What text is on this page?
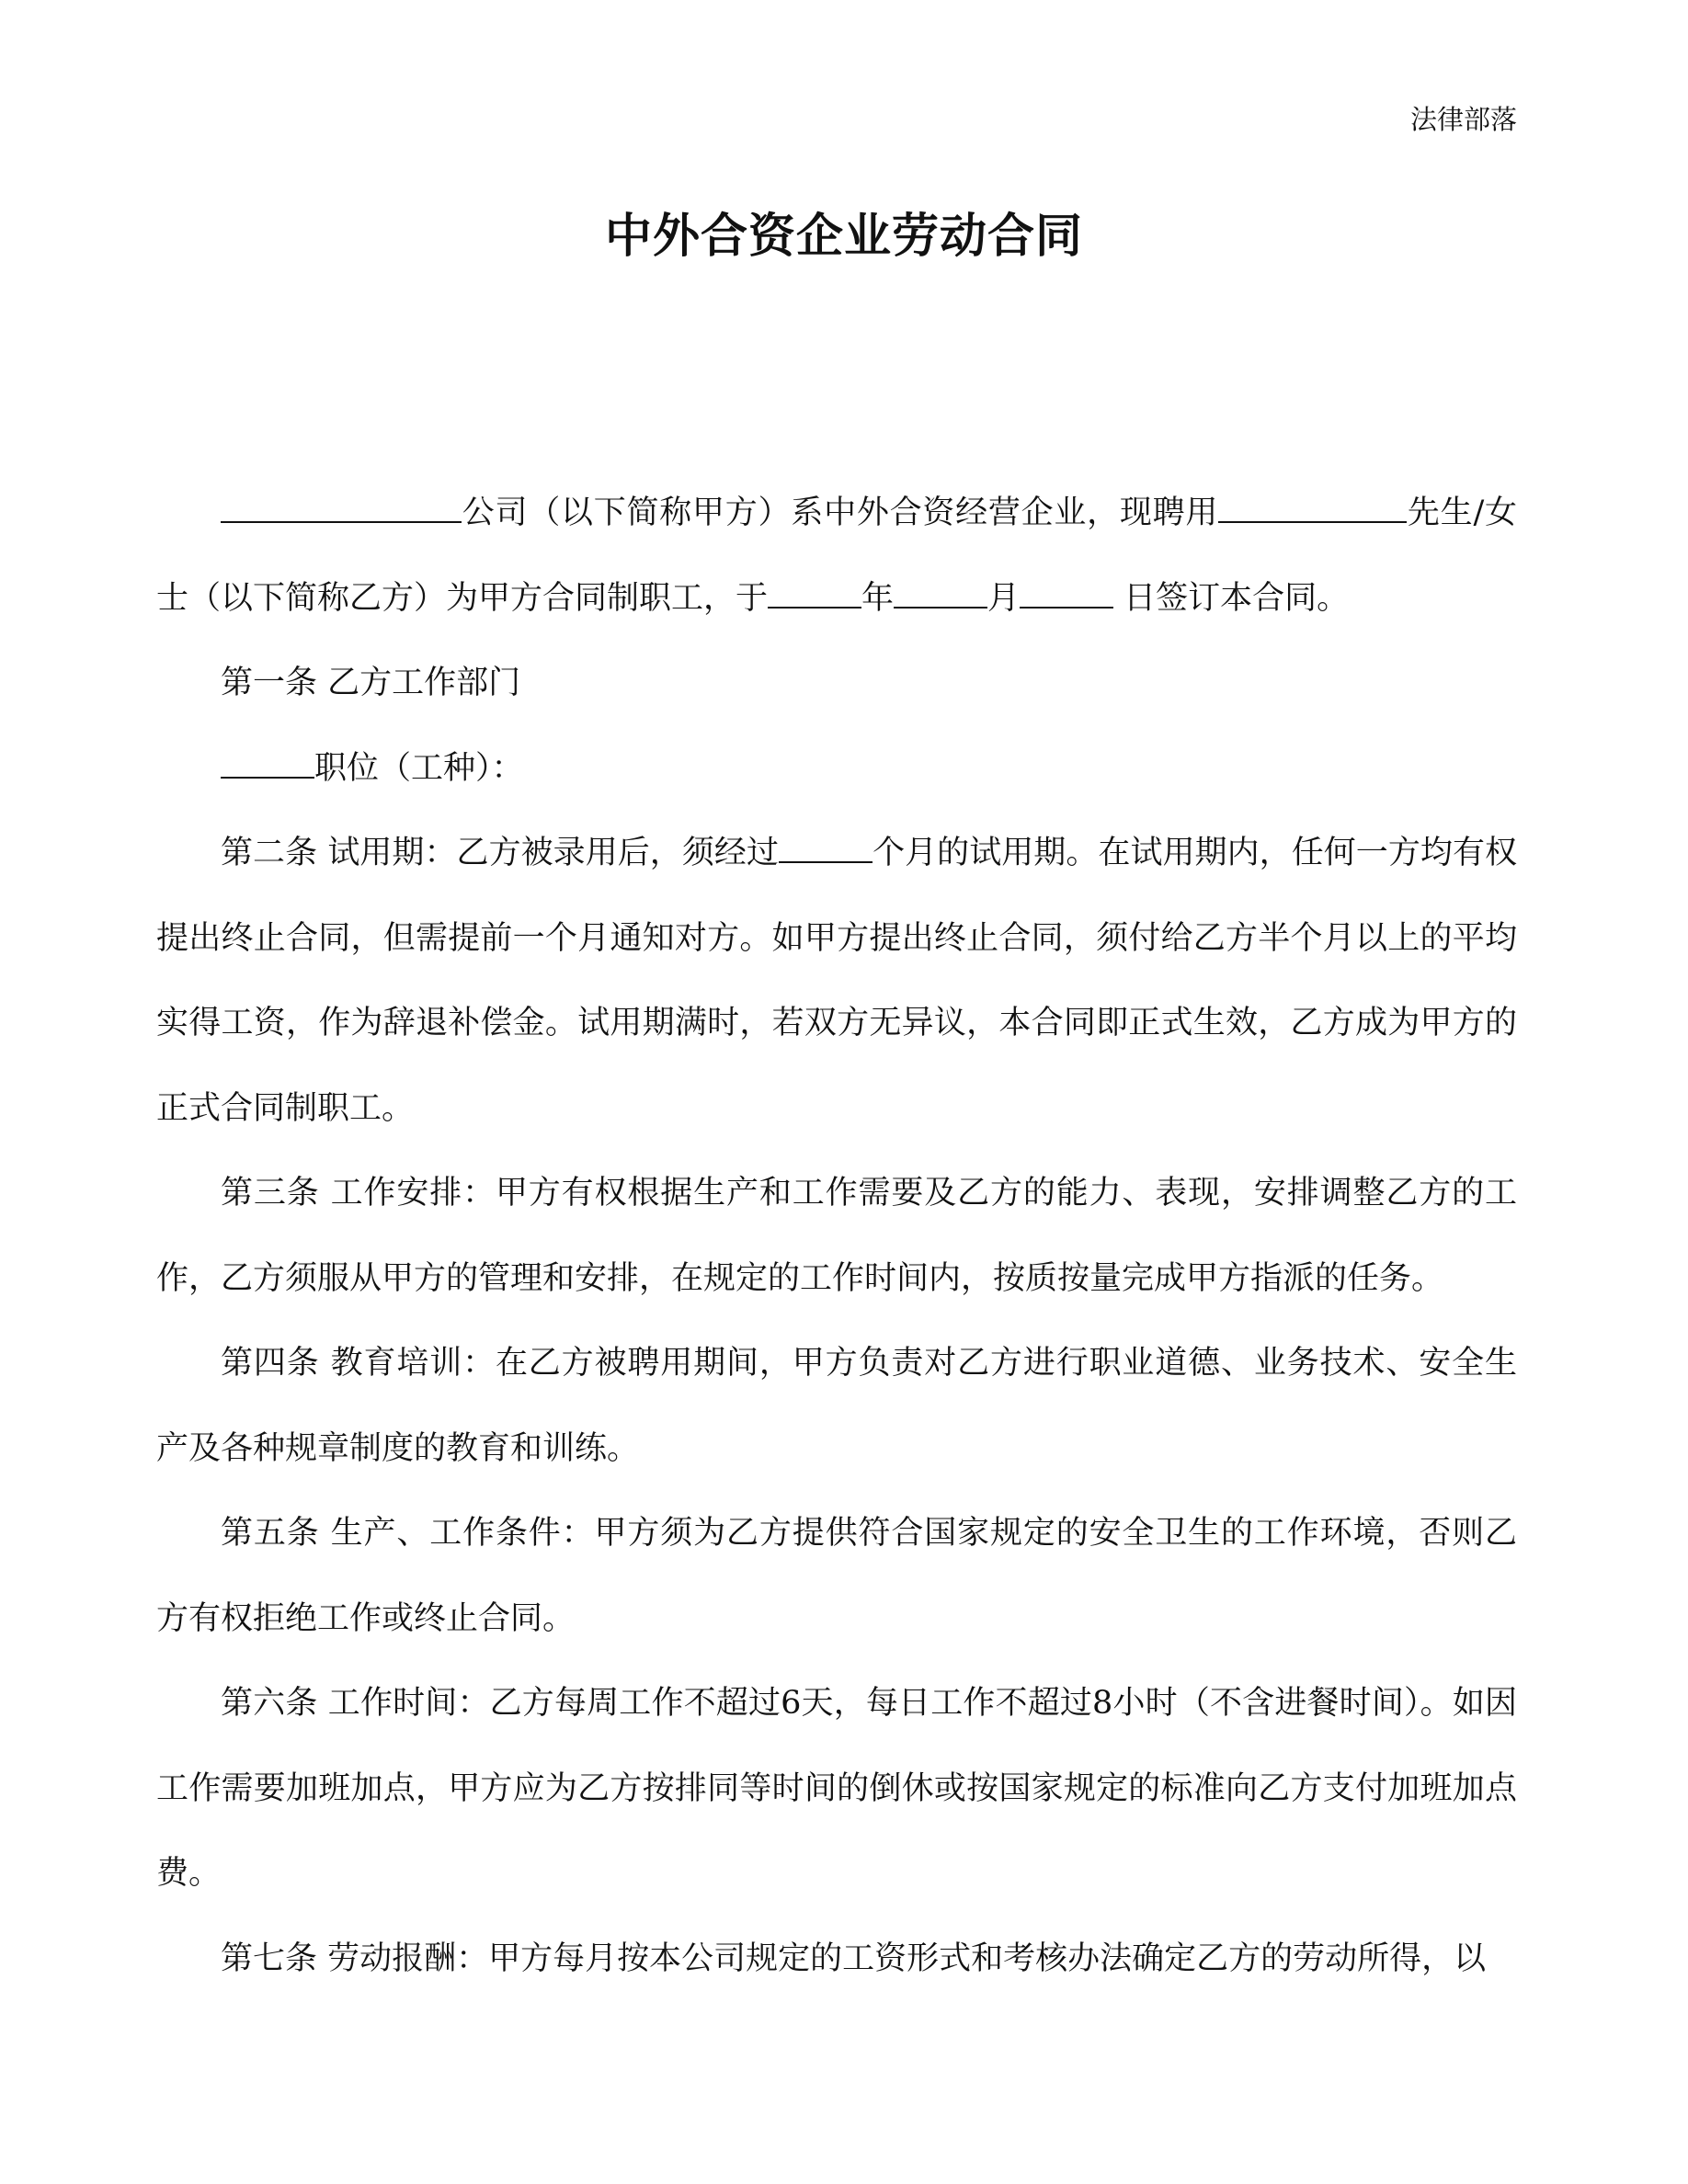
法律部落
中外合资企业劳动合同

公司（以下简称甲方）系中外合资经营企业，现聘用	先生/女士（以下简称乙方）为甲方合同制职工，于	年	月	日签订本合同。

第一条 乙方工作部门

职位（工种）：

第二条 试用期：乙方被录用后，须经过	个月的试用期。在试用期内，任何一方均有权提出终止合同，但需提前一个月通知对方。如甲方提出终止合同，须付给乙方半个月以上的平均实得工资，作为辞退补偿金。试用期满时，若双方无异议，本合同即正式生效，乙方成为甲方的正式合同制职工。

第三条 工作安排：甲方有权根据生产和工作需要及乙方的能力、表现，安排调整乙方的工作，乙方须服从甲方的管理和安排，在规定的工作时间内，按质按量完成甲方指派的任务。

第四条 教育培训：在乙方被聘用期间，甲方负责对乙方进行职业道德、业务技术、安全生产及各种规章制度的教育和训练。

第五条 生产、工作条件：甲方须为乙方提供符合国家规定的安全卫生的工作环境，否则乙方有权拒绝工作或终止合同。

第六条 工作时间：乙方每周工作不超过6天，每日工作不超过8小时（不含进餐时间）。如因工作需要加班加点，甲方应为乙方按排同等时间的倒休或按国家规定的标准向乙方支付加班加点费。

第七条 劳动报酬：甲方每月按本公司规定的工资形式和考核办法确定乙方的劳动所得，以
